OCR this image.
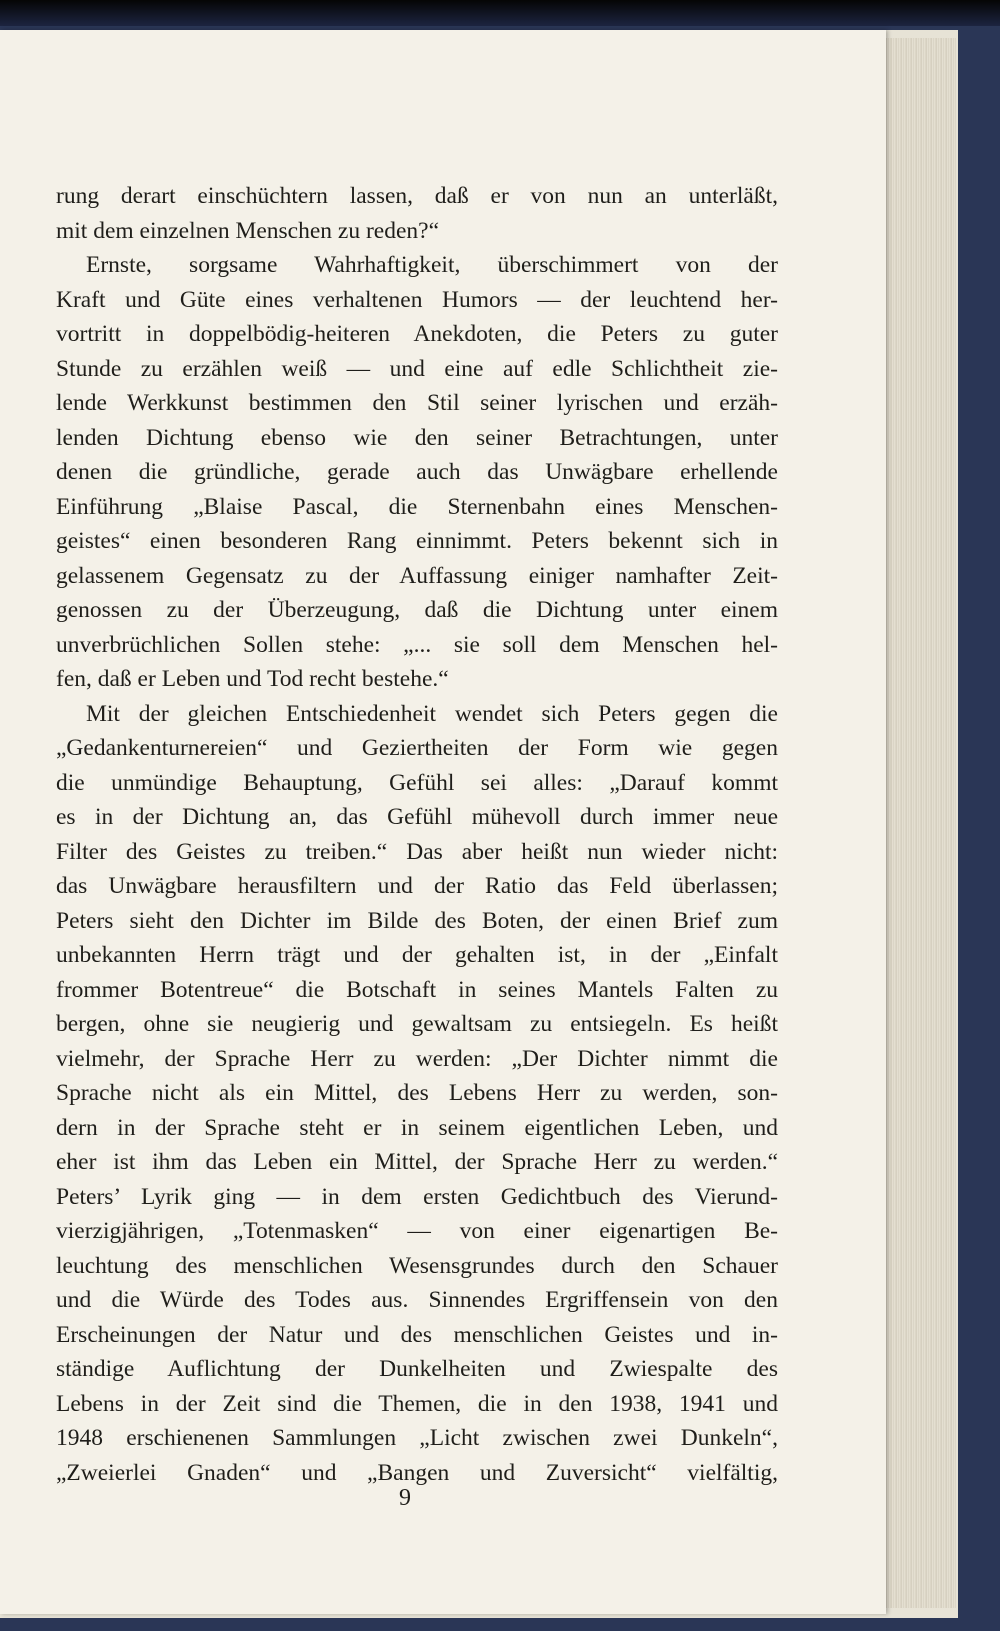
rung derart einschüchtern lassen, daß er von nun an unterläßt,
mit dem einzelnen Menschen zu reden?“
Ernste, sorgsame Wahrhaftigkeit, überschimmert von der
Kraft und Güte eines verhaltenen Humors — der leuchtend her-
vortritt in doppelbödig-heiteren Anekdoten, die Peters zu guter
Stunde zu erzählen weiß — und eine auf edle Schlichtheit zie-
lende Werkkunst bestimmen den Stil seiner lyrischen und erzäh-
lenden Dichtung ebenso wie den seiner Betrachtungen, unter
denen die gründliche, gerade auch das Unwägbare erhellende
Einführung „Blaise Pascal, die Sternenbahn eines Menschen-
geistes“ einen besonderen Rang einnimmt. Peters bekennt sich in
gelassenem Gegensatz zu der Auffassung einiger namhafter Zeit-
genossen zu der Überzeugung, daß die Dichtung unter einem
unverbrüchlichen Sollen stehe: „... sie soll dem Menschen hel-
fen, daß er Leben und Tod recht bestehe.“
Mit der gleichen Entschiedenheit wendet sich Peters gegen die
„Gedankenturnereien“ und Geziertheiten der Form wie gegen
die unmündige Behauptung, Gefühl sei alles: „Darauf kommt
es in der Dichtung an, das Gefühl mühevoll durch immer neue
Filter des Geistes zu treiben.“ Das aber heißt nun wieder nicht:
das Unwägbare herausfiltern und der Ratio das Feld überlassen;
Peters sieht den Dichter im Bilde des Boten, der einen Brief zum
unbekannten Herrn trägt und der gehalten ist, in der „Einfalt
frommer Botentreue“ die Botschaft in seines Mantels Falten zu
bergen, ohne sie neugierig und gewaltsam zu entsiegeln. Es heißt
vielmehr, der Sprache Herr zu werden: „Der Dichter nimmt die
Sprache nicht als ein Mittel, des Lebens Herr zu werden, son-
dern in der Sprache steht er in seinem eigentlichen Leben, und
eher ist ihm das Leben ein Mittel, der Sprache Herr zu werden.“
Peters’ Lyrik ging — in dem ersten Gedichtbuch des Vierund-
vierzigjährigen, „Totenmasken“ — von einer eigenartigen Be-
leuchtung des menschlichen Wesensgrundes durch den Schauer
und die Würde des Todes aus. Sinnendes Ergriffensein von den
Erscheinungen der Natur und des menschlichen Geistes und in-
ständige Auflichtung der Dunkelheiten und Zwiespalte des
Lebens in der Zeit sind die Themen, die in den 1938, 1941 und
1948 erschienenen Sammlungen „Licht zwischen zwei Dunkeln“,
„Zweierlei Gnaden“ und „Bangen und Zuversicht“ vielfältig,
9
